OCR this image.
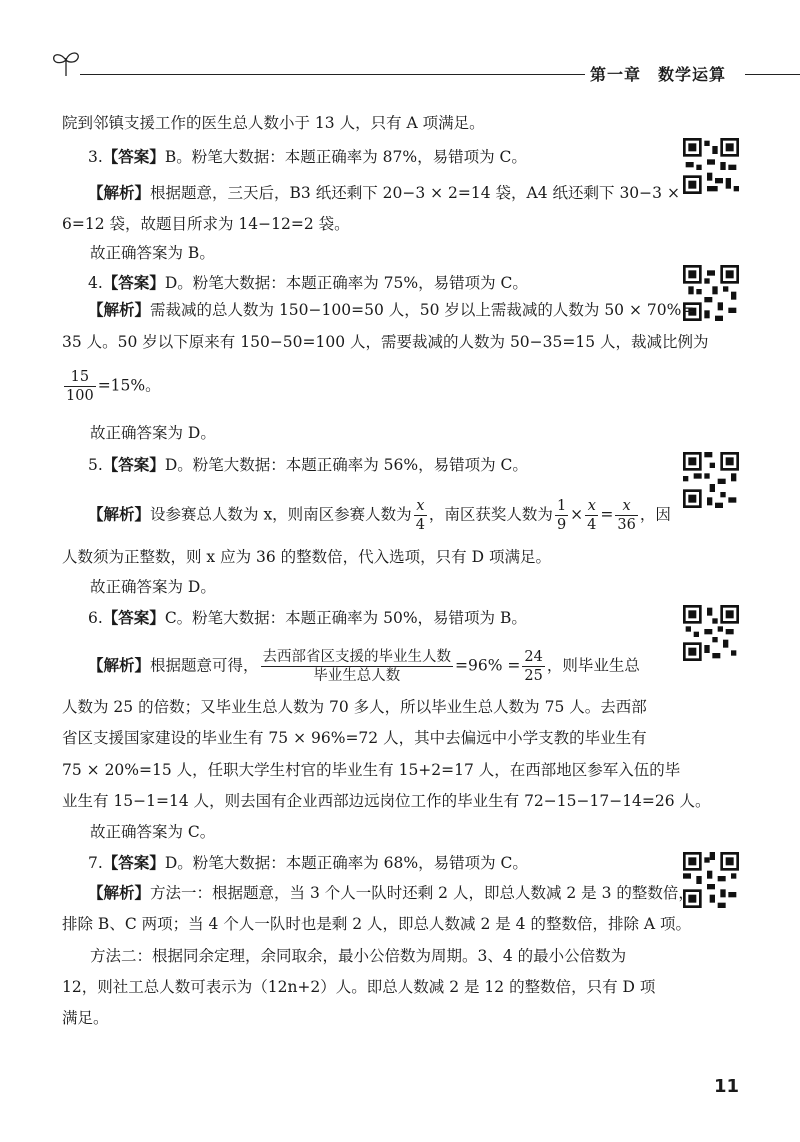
第一章　数学运算
院到邻镇支援工作的医生总人数小于 13 人，只有 A 项满足。
3.【答案】B。粉笔大数据：本题正确率为 87%，易错项为 C。
【解析】根据题意，三天后，B3 纸还剩下 20−3 × 2=14 袋，A4 纸还剩下 30−3 ×
6=12 袋，故题目所求为 14−12=2 袋。
故正确答案为 B。
4.【答案】D。粉笔大数据：本题正确率为 75%，易错项为 C。
【解析】需裁减的总人数为 150−100=50 人，50 岁以上需裁减的人数为 50 × 70%=
35 人。50 岁以下原来有 150−50=100 人，需要裁减的人数为 50−35=15 人，裁减比例为
$\frac{15}{100} =15\%$。
故正确答案为 D。
5.【答案】D。粉笔大数据：本题正确率为 56%，易错项为 C。
【解析】设参赛总人数为 x，则南区参赛人数为 $\frac{x}{4}$ ，南区获奖人数为 $\frac{1}{9} \times \frac{x}{4} = \frac{x}{36}$ ，因
人数须为正整数，则 x 应为 36 的整数倍，代入选项，只有 D 项满足。
故正确答案为 D。
6.【答案】C。粉笔大数据：本题正确率为 50%，易错项为 B。
【解析】根据题意可得， $\frac{\text{去西部省区支援的毕业生人数}}{\text{毕业生总人数}} =96\% = \frac{24}{25}$ ，则毕业生总
人数为 25 的倍数；又毕业生总人数为 70 多人，所以毕业生总人数为 75 人。去西部
省区支援国家建设的毕业生有 75 × 96%=72 人，其中去偏远中小学支教的毕业生有
75 × 20%=15 人，任职大学生村官的毕业生有 15+2=17 人，在西部地区参军入伍的毕
业生有 15−1=14 人，则去国有企业西部边远岗位工作的毕业生有 72−15−17−14=26 人。
故正确答案为 C。
7.【答案】D。粉笔大数据：本题正确率为 68%，易错项为 C。
【解析】方法一：根据题意，当 3 个人一队时还剩 2 人，即总人数减 2 是 3 的整数倍，
排除 B、C 两项；当 4 个人一队时也是剩 2 人，即总人数减 2 是 4 的整数倍，排除 A 项。
方法二：根据同余定理，余同取余，最小公倍数为周期。3、4 的最小公倍数为
12，则社工总人数可表示为（12n+2）人。即总人数减 2 是 12 的整数倍，只有 D 项
满足。
11
